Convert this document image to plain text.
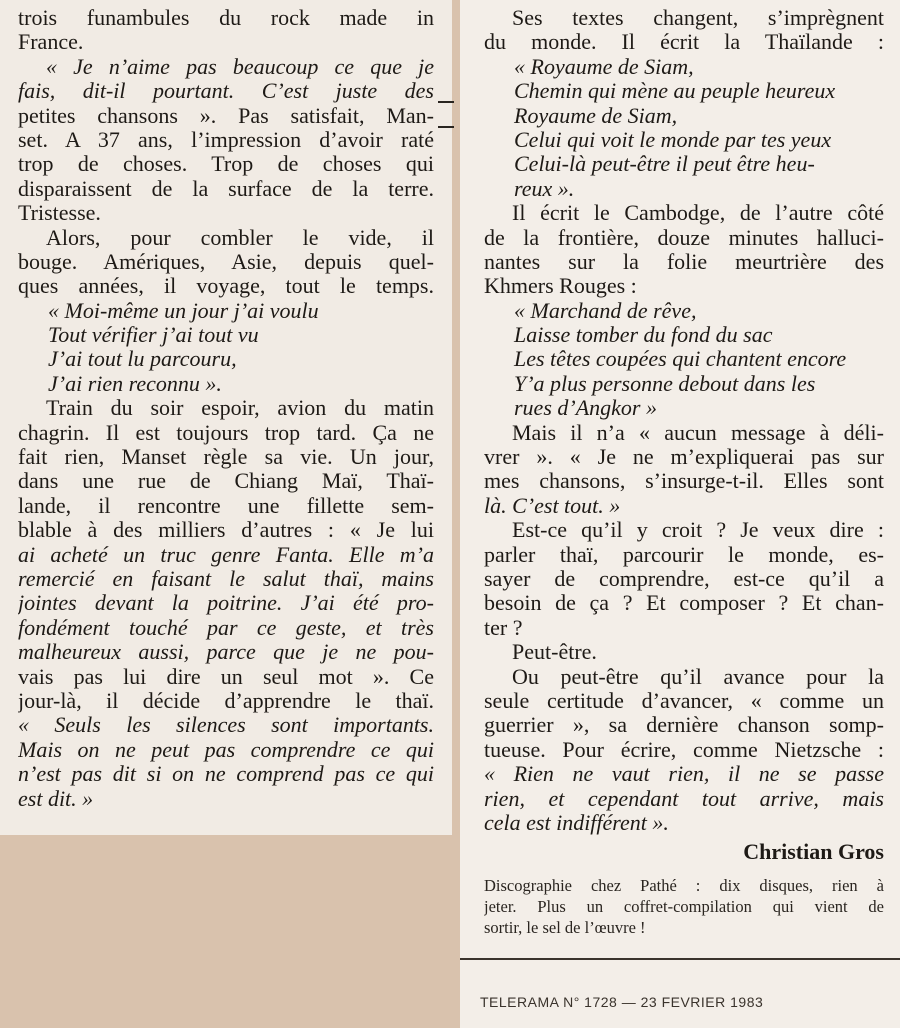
trois funambules du rock made in

France.

« Je n’aime pas beaucoup ce que je

fais, dit-il pourtant. C’est juste des

petites chansons ». Pas satisfait, Man-

set. A 37 ans, l’impression d’avoir raté

trop de choses. Trop de choses qui

disparaissent de la surface de la terre.

Tristesse.

Alors, pour combler le vide, il

bouge. Amériques, Asie, depuis quel-

ques années, il voyage, tout le temps.

« Moi-même un jour j’ai voulu

Tout vérifier j’ai tout vu

J’ai tout lu parcouru,

J’ai rien reconnu ».

Train du soir espoir, avion du matin

chagrin. Il est toujours trop tard. Ça ne

fait rien, Manset règle sa vie. Un jour,

dans une rue de Chiang Maï, Thaï-

lande, il rencontre une fillette sem-

blable à des milliers d’autres : « Je lui

ai acheté un truc genre Fanta. Elle m’a

remercié en faisant le salut thaï, mains

jointes devant la poitrine. J’ai été pro-

fondément touché par ce geste, et très

malheureux aussi, parce que je ne pou-

vais pas lui dire un seul mot ». Ce

jour-là, il décide d’apprendre le thaï.

« Seuls les silences sont importants.

Mais on ne peut pas comprendre ce qui

n’est pas dit si on ne comprend pas ce qui

est dit. »

Ses textes changent, s’imprègnent

du monde. Il écrit la Thaïlande :

« Royaume de Siam,

Chemin qui mène au peuple heureux

Royaume de Siam,

Celui qui voit le monde par tes yeux

Celui-là peut-être il peut être heu-

reux ».

Il écrit le Cambodge, de l’autre côté

de la frontière, douze minutes halluci-

nantes sur la folie meurtrière des

Khmers Rouges :

« Marchand de rêve,

Laisse tomber du fond du sac

Les têtes coupées qui chantent encore

Y’a plus personne debout dans les

rues d’Angkor »

Mais il n’a « aucun message à déli-

vrer ». « Je ne m’expliquerai pas sur

mes chansons, s’insurge-t-il. Elles sont

là. C’est tout. »

Est-ce qu’il y croit ? Je veux dire :

parler thaï, parcourir le monde, es-

sayer de comprendre, est-ce qu’il a

besoin de ça ? Et composer ? Et chan-

ter ?

Peut-être.

Ou peut-être qu’il avance pour la

seule certitude d’avancer, « comme un

guerrier », sa dernière chanson somp-

tueuse. Pour écrire, comme Nietzsche :

« Rien ne vaut rien, il ne se passe

rien, et cependant tout arrive, mais

cela est indifférent ».

Christian Gros

Discographie chez Pathé : dix disques, rien à

jeter. Plus un coffret-compilation qui vient de

sortir, le sel de l’œuvre !

TELERAMA N° 1728 — 23 FEVRIER 1983
